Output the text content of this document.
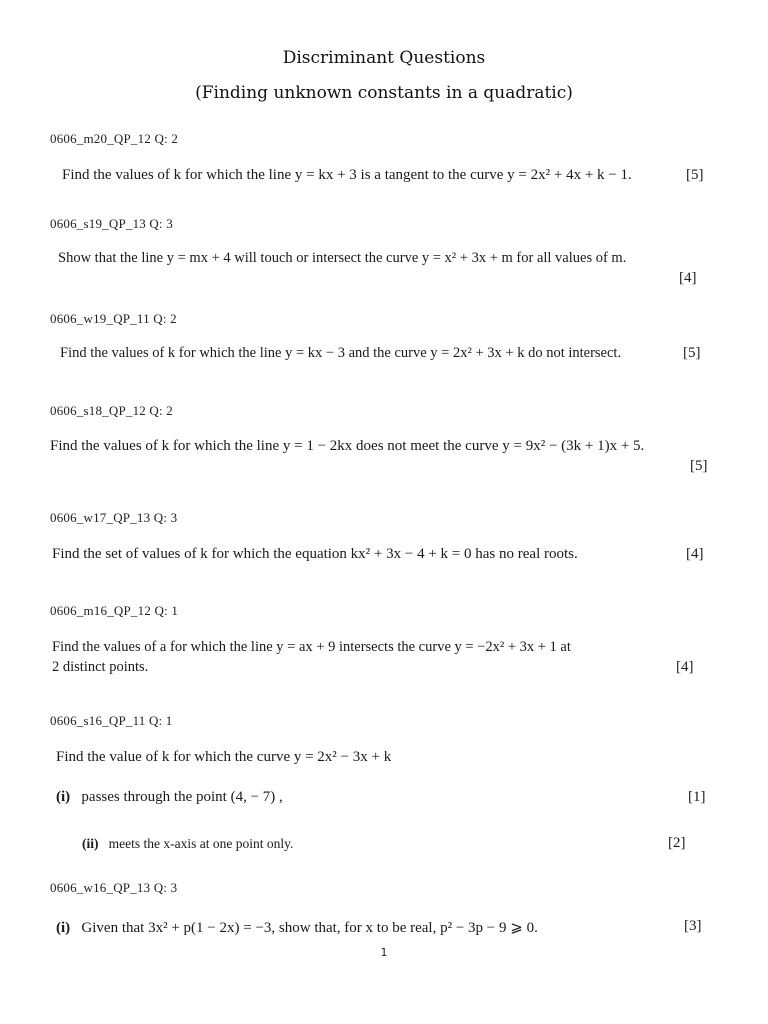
Discriminant Questions
(Finding unknown constants in a quadratic)
0606_m20_QP_12 Q: 2
Find the values of k for which the line y = kx + 3 is a tangent to the curve y = 2x² + 4x + k − 1.	[5]
0606_s19_QP_13 Q: 3
Show that the line y = mx + 4 will touch or intersect the curve y = x² + 3x + m for all values of m.
[4]
0606_w19_QP_11 Q: 2
Find the values of k for which the line y = kx − 3 and the curve y = 2x² + 3x + k do not intersect.	[5]
0606_s18_QP_12 Q: 2
Find the values of k for which the line y = 1 − 2kx does not meet the curve y = 9x² − (3k + 1)x + 5.
[5]
0606_w17_QP_13 Q: 3
Find the set of values of k for which the equation kx² + 3x − 4 + k = 0 has no real roots.	[4]
0606_m16_QP_12 Q: 1
Find the values of a for which the line y = ax + 9 intersects the curve y = −2x² + 3x + 1 at
2 distinct points.	[4]
0606_s16_QP_11 Q: 1
Find the value of k for which the curve y = 2x² − 3x + k
(i) passes through the point (4, − 7) ,	[1]
(ii) meets the x-axis at one point only.	[2]
0606_w16_QP_13 Q: 3
(i) Given that 3x² + p(1 − 2x) = −3, show that, for x to be real, p² − 3p − 9 ⩾ 0.	[3]
1
